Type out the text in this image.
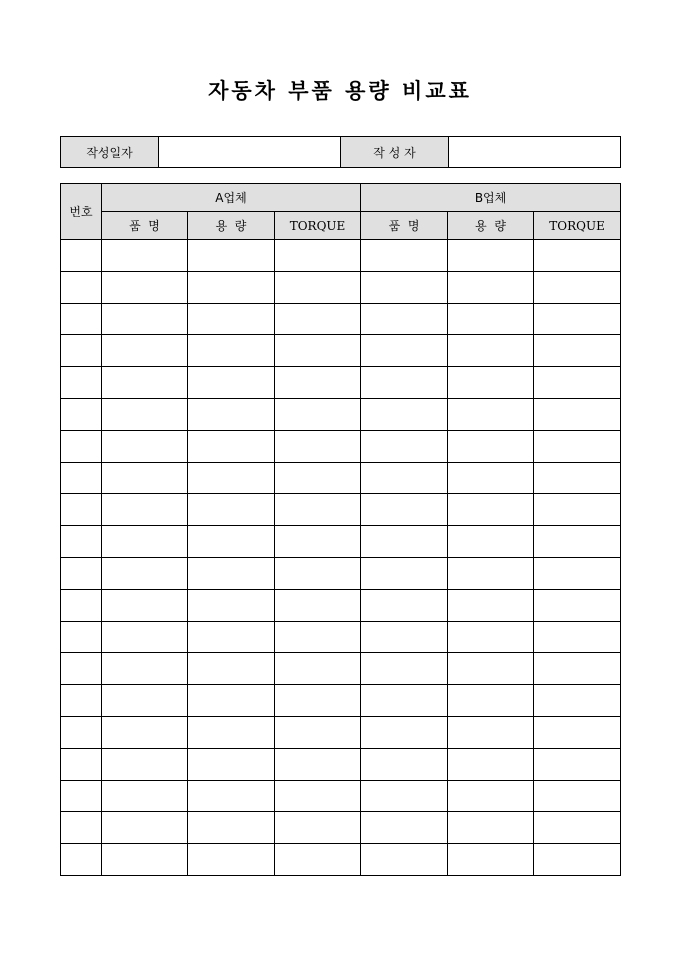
자동차 부품 용량 비교표
작성일자		작 성 자	
번호	A업체			B업체		
	품  명	용  량	TORQUE	품  명	용  량	TORQUE
